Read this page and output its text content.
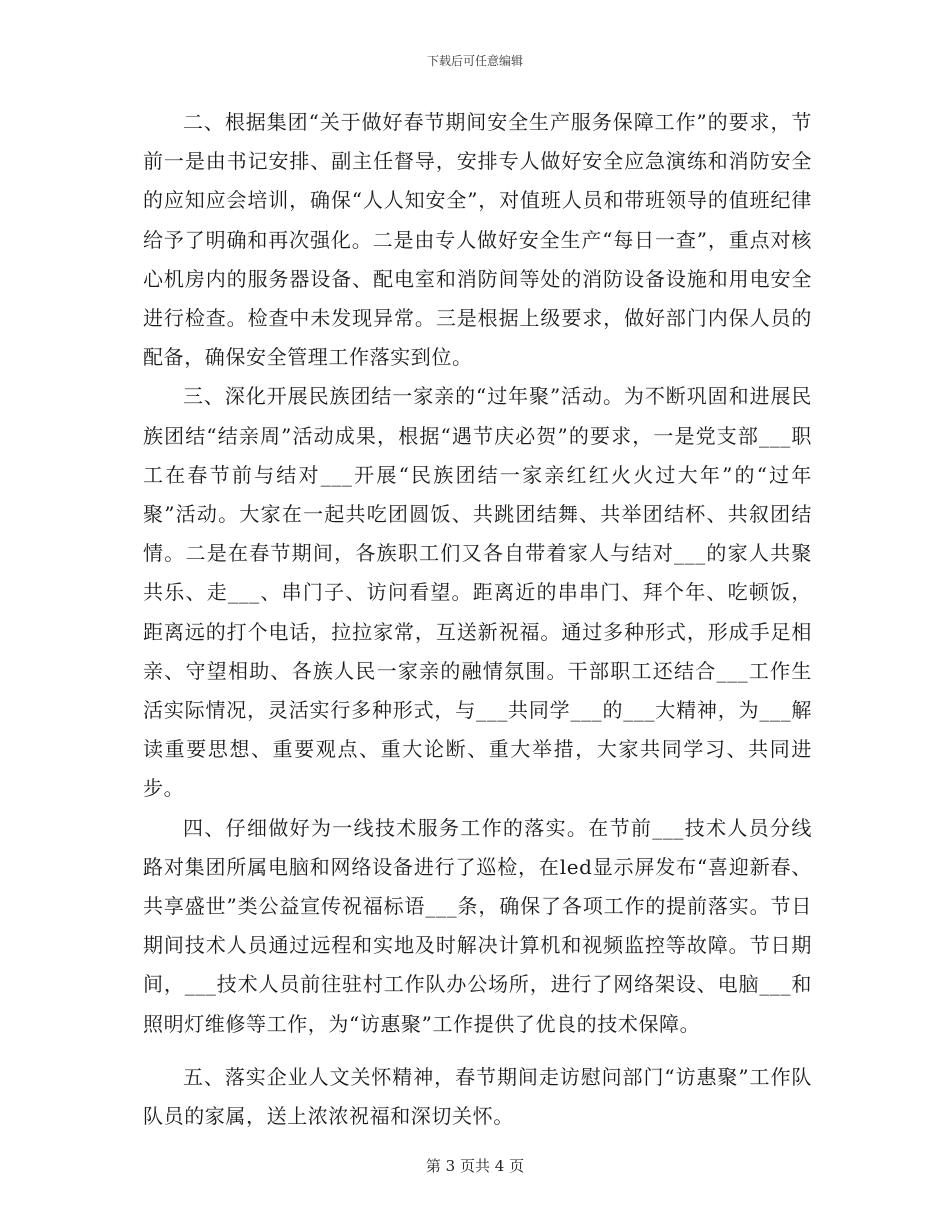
下载后可任意编辑

二、根据集团“关于做好春节期间安全生产服务保障工作”的要求，节前一是由书记安排、副主任督导，安排专人做好安全应急演练和消防安全的应知应会培训，确保“人人知安全”，对值班人员和带班领导的值班纪律给予了明确和再次强化。二是由专人做好安全生产“每日一查”，重点对核心机房内的服务器设备、配电室和消防间等处的消防设备设施和用电安全进行检查。检查中未发现异常。三是根据上级要求，做好部门内保人员的配备，确保安全管理工作落实到位。

三、深化开展民族团结一家亲的“过年聚”活动。为不断巩固和进展民族团结“结亲周”活动成果，根据“遇节庆必贺”的要求，一是党支部___职工在春节前与结对___开展“民族团结一家亲红红火火过大年”的“过年聚”活动。大家在一起共吃团圆饭、共跳团结舞、共举团结杯、共叙团结情。二是在春节期间，各族职工们又各自带着家人与结对___的家人共聚共乐、走___、串门子、访问看望。距离近的串串门、拜个年、吃顿饭，距离远的打个电话，拉拉家常，互送新祝福。通过多种形式，形成手足相亲、守望相助、各族人民一家亲的融情氛围。干部职工还结合___工作生活实际情况，灵活实行多种形式，与___共同学___的___大精神，为___解读重要思想、重要观点、重大论断、重大举措，大家共同学习、共同进步。

四、仔细做好为一线技术服务工作的落实。在节前___技术人员分线路对集团所属电脑和网络设备进行了巡检，在led显示屏发布“喜迎新春、共享盛世”类公益宣传祝福标语___条，确保了各项工作的提前落实。节日期间技术人员通过远程和实地及时解决计算机和视频监控等故障。节日期间，___技术人员前往驻村工作队办公场所，进行了网络架设、电脑___和照明灯维修等工作，为“访惠聚”工作提供了优良的技术保障。

五、落实企业人文关怀精神，春节期间走访慰问部门“访惠聚”工作队队员的家属，送上浓浓祝福和深切关怀。

第 3 页共 4 页
